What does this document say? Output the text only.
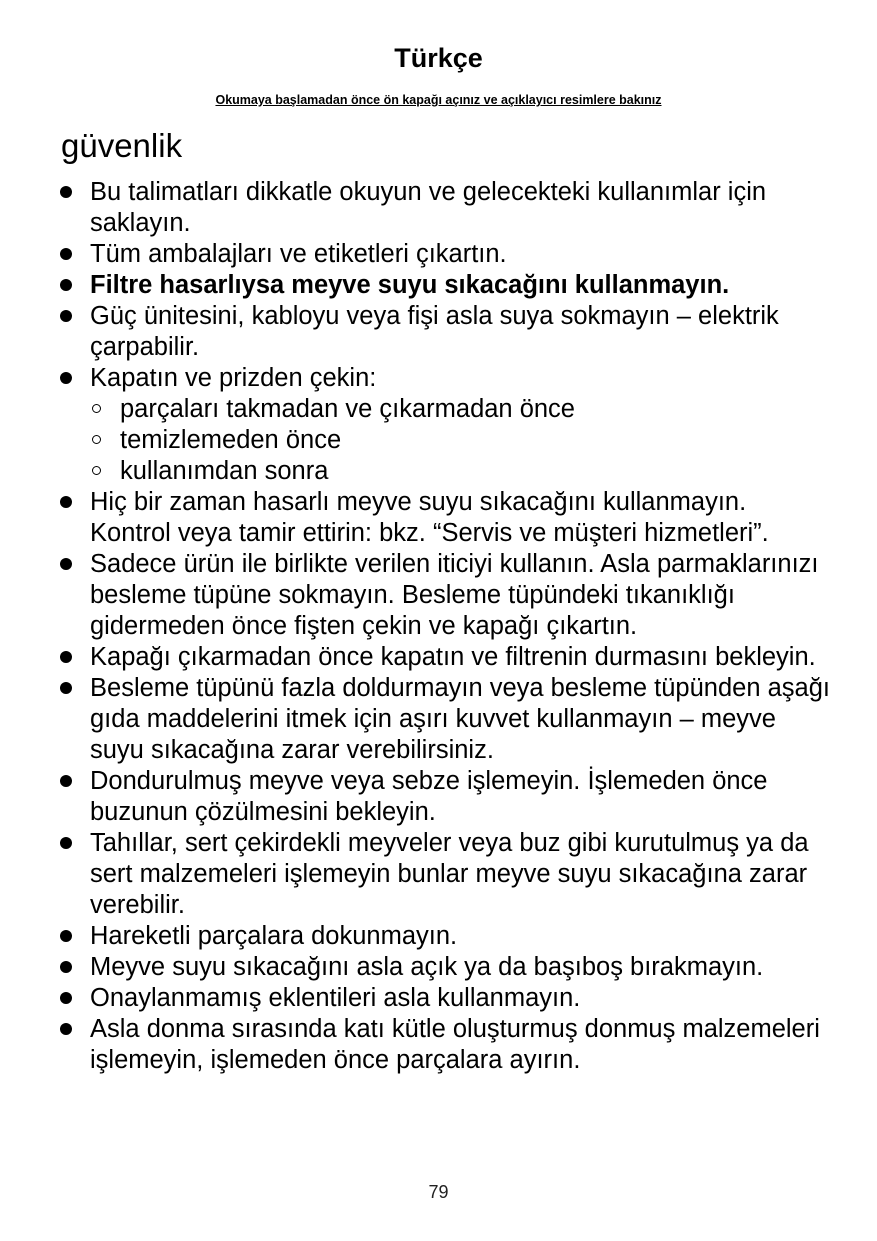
Türkçe
Okumaya başlamadan önce ön kapağı açınız ve açıklayıcı resimlere bakınız
güvenlik
Bu talimatları dikkatle okuyun ve gelecekteki kullanımlar için saklayın.
Tüm ambalajları ve etiketleri çıkartın.
Filtre hasarlıysa meyve suyu sıkacağını kullanmayın.
Güç ünitesini, kabloyu veya fişi asla suya sokmayın – elektrik çarpabilir.
Kapatın ve prizden çekin:
parçaları takmadan ve çıkarmadan önce
temizlemeden önce
kullanımdan sonra
Hiç bir zaman hasarlı meyve suyu sıkacağını kullanmayın. Kontrol veya tamir ettirin: bkz. “Servis ve müşteri hizmetleri”.
Sadece ürün ile birlikte verilen iticiyi kullanın. Asla parmaklarınızı besleme tüpüne sokmayın. Besleme tüpündeki tıkanıklığı gidermeden önce fişten çekin ve kapağı çıkartın.
Kapağı çıkarmadan önce kapatın ve filtrenin durmasını bekleyin.
Besleme tüpünü fazla doldurmayın veya besleme tüpünden aşağı gıda maddelerini itmek için aşırı kuvvet kullanmayın – meyve suyu sıkacağına zarar verebilirsiniz.
Dondurulmuş meyve veya sebze işlemeyin. İşlemeden önce buzunun çözülmesini bekleyin.
Tahıllar, sert çekirdekli meyveler veya buz gibi kurutulmuş ya da sert malzemeleri işlemeyin bunlar meyve suyu sıkacağına zarar verebilir.
Hareketli parçalara dokunmayın.
Meyve suyu sıkacağını asla açık ya da başıboş bırakmayın.
Onaylanmamış eklentileri asla kullanmayın.
Asla donma sırasında katı kütle oluşturmuş donmuş malzemeleri işlemeyin, işlemeden önce parçalara ayırın.
79
